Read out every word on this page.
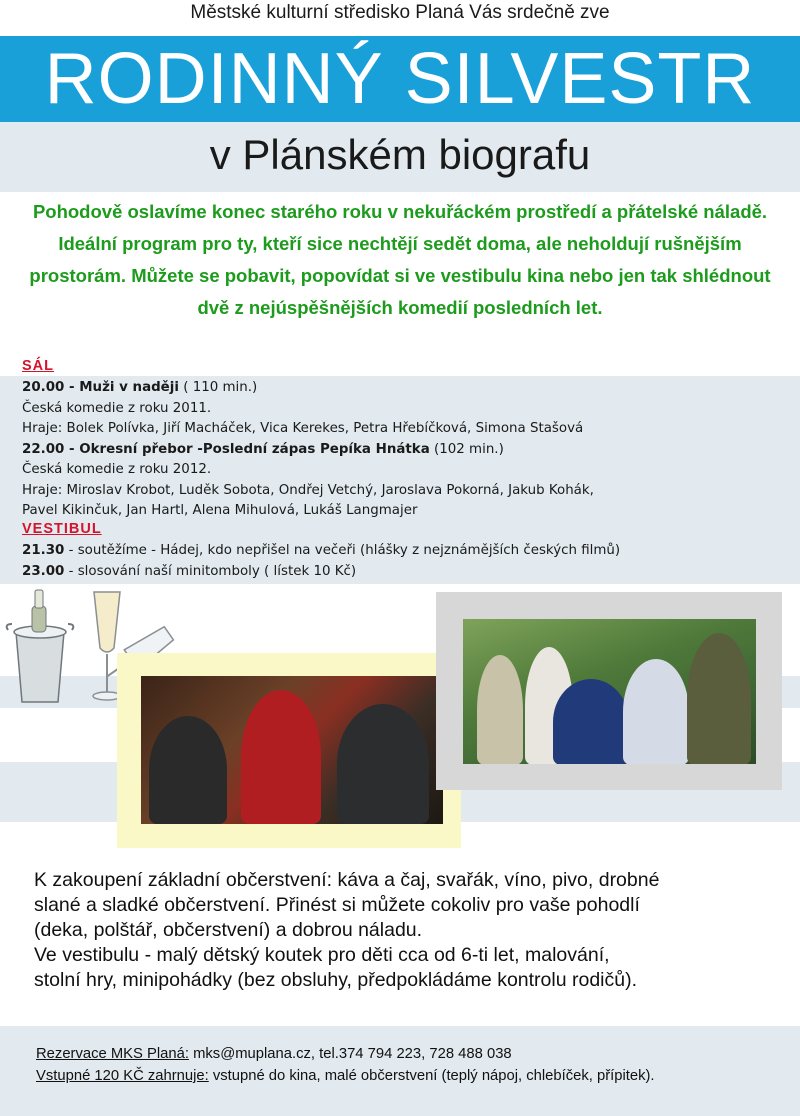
Městské kulturní středisko Planá Vás srdečně zve
RODINNÝ SILVESTR
v Plánském biografu
Pohodově oslavíme konec starého roku v nekuřáckém prostředí a přátelské náladě. Ideální program pro ty, kteří sice nechtějí sedět doma, ale neholdují rušnějším prostorám. Můžete se pobavit, popovídat si ve vestibulu kina nebo jen tak shlédnout dvě z nejúspěšnějších komedií posledních let.
SÁL
20.00 - Muži v naději ( 110 min.)
Česká komedie z roku 2011.
Hraje: Bolek Polívka, Jiří Macháček, Vica Kerekes, Petra Hřebíčková, Simona Stašová
22.00 - Okresní přebor -Poslední zápas Pepíka Hnátka (102 min.)
Česká komedie z roku 2012.
Hraje: Miroslav Krobot, Luděk Sobota, Ondřej Vetchý, Jaroslava Pokorná, Jakub Kohák,
Pavel Kikinčuk, Jan Hartl, Alena Mihulová, Lukáš Langmajer
VESTIBUL
21.30 - soutěžíme - Hádej, kdo nepřišel na večeři (hlášky z nejznámějších českých filmů)
23.00 - slosování naší minitomboly ( lístek 10 Kč)
K zakoupení základní občerstvení: káva a čaj, svařák, víno, pivo, drobné
slané a sladké občerstvení. Přinést si můžete cokoliv pro vaše pohodlí
(deka, polštář, občerstvení) a dobrou náladu.
Ve vestibulu - malý dětský koutek pro děti cca od 6-ti let, malování,
stolní hry, minipohádky (bez obsluhy, předpokládáme kontrolu rodičů).
Rezervace MKS Planá: mks@muplana.cz, tel.374 794 223, 728 488 038
Vstupné 120 KČ zahrnuje: vstupné do kina, malé občerstvení (teplý nápoj, chlebíček, přípitek).
